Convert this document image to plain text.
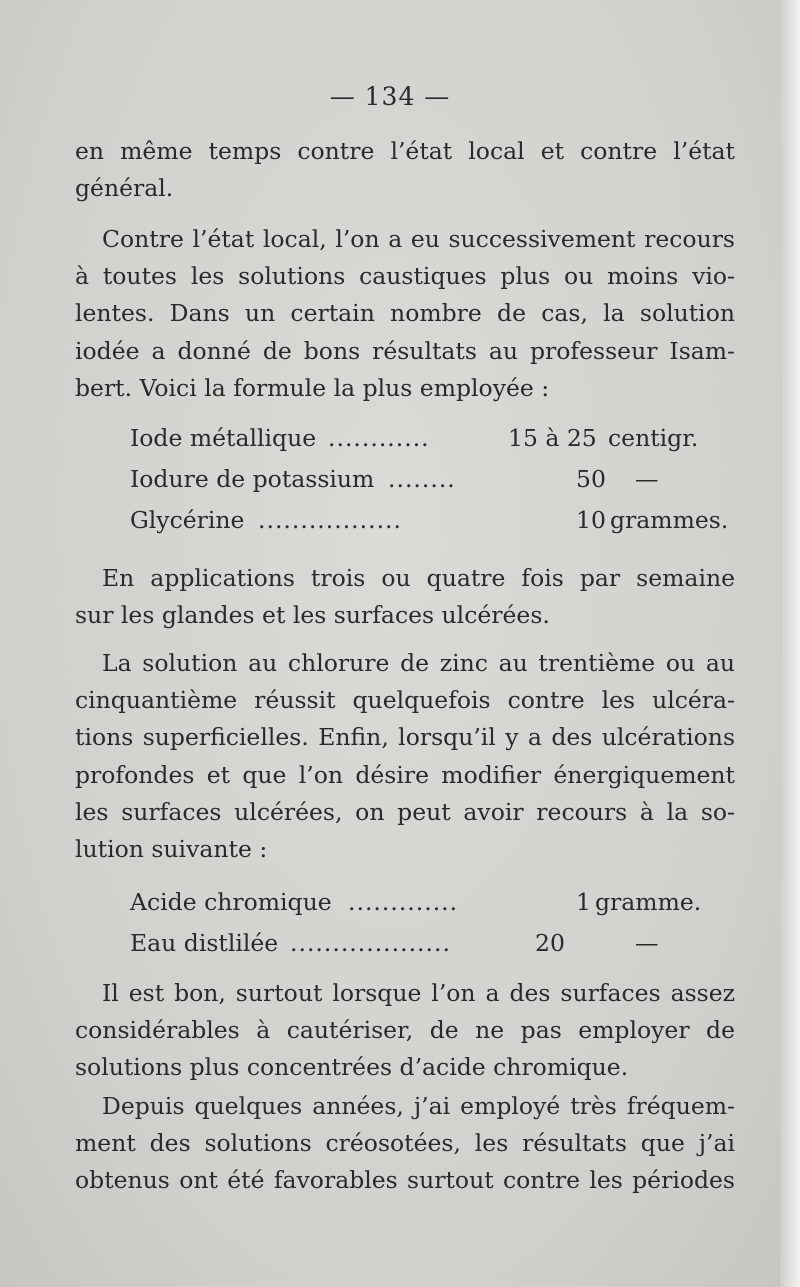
— 134 —
en même temps contre l’état local et contre l’état
général.
Contre l’état local, l’on a eu successivement recours
à toutes les solutions caustiques plus ou moins vio-
lentes. Dans un certain nombre de cas, la solution
iodée a donné de bons résultats au professeur Isam-
bert. Voici la formule la plus employée :
Iode métallique ............	15 à 25 centigr.
Iodure de potassium ........	50 —
Glycérine .................	10 grammes.
En applications trois ou quatre fois par semaine
sur les glandes et les surfaces ulcérées.
La solution au chlorure de zinc au trentième ou au
cinquantième réussit quelquefois contre les ulcéra-
tions superficielles. Enfin, lorsqu’il y a des ulcérations
profondes et que l’on désire modifier énergiquement
les surfaces ulcérées, on peut avoir recours à la so-
lution suivante :
Acide chromique .............	1 gramme.
Eau distlilée ...................	20	—
Il est bon, surtout lorsque l’on a des surfaces assez
considérables à cautériser, de ne pas employer de
solutions plus concentrées d’acide chromique.
Depuis quelques années, j’ai employé très fréquem-
ment des solutions créosotées, les résultats que j’ai
obtenus ont été favorables surtout contre les périodes
